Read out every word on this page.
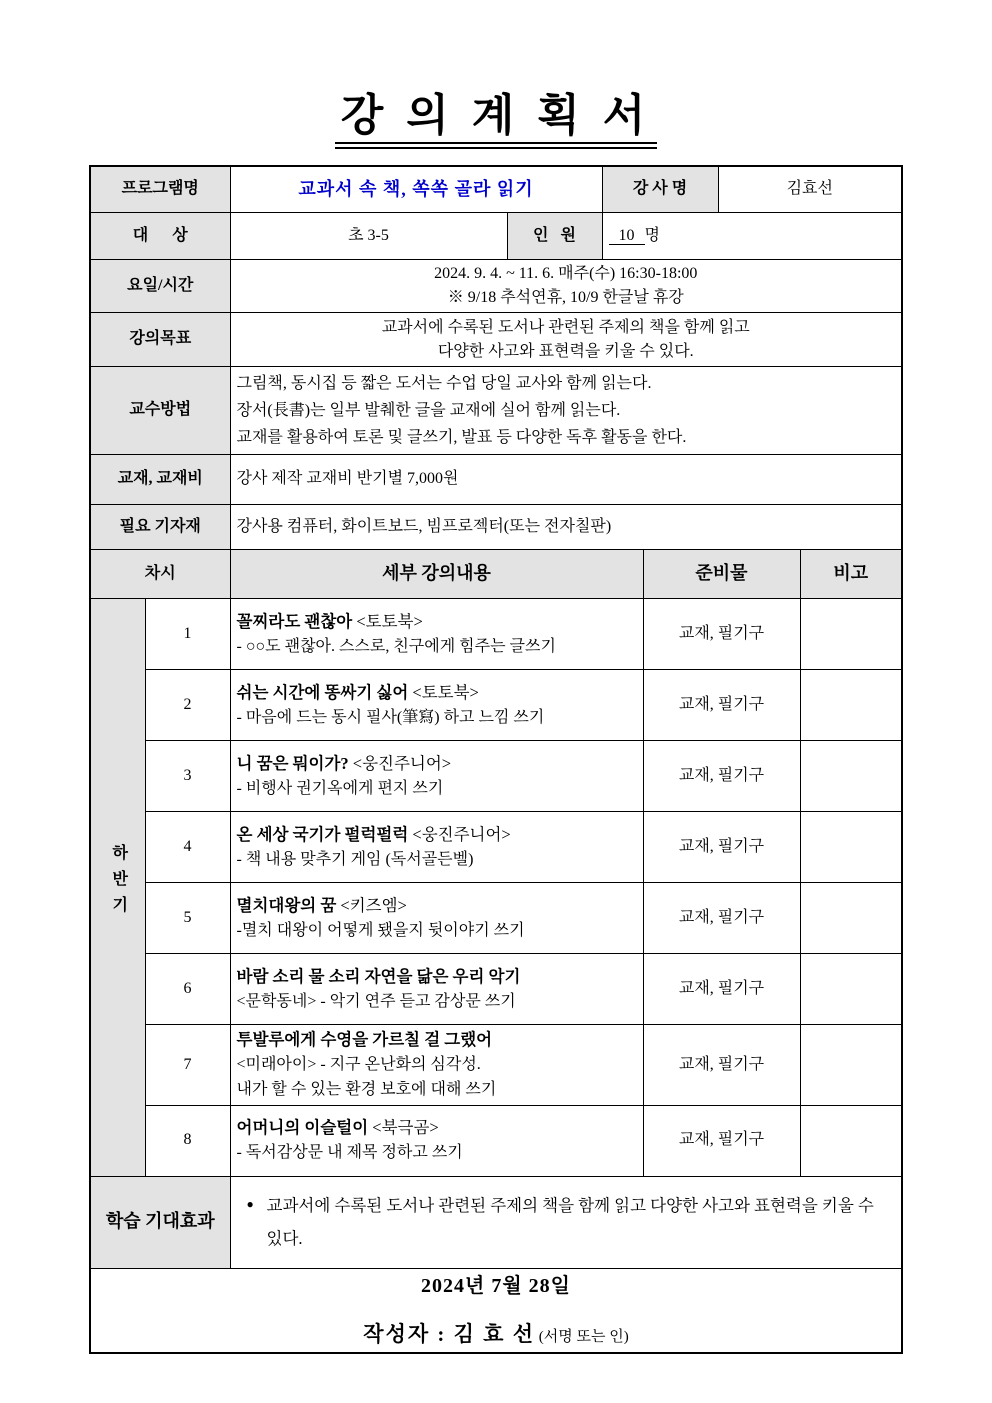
강 의 계 획 서
프로그램명		교과서 속 책, 쏙쏙 골라 읽기		강 사 명		김효선	
대      상		초 3-5	인   원	10 명			
요일/시간		2024. 9. 4. ~ 11. 6. 매주(수) 16:30-18:00
※ 9/18 추석연휴, 10/9 한글날 휴강					

강의목표		교과서에 수록된 도서나 관련된 주제의 책을 함께 읽고
다양한 사고와 표현력을 키울 수 있다.					

교수방법		그림책, 동시집 등 짧은 도서는 수업 당일 교사와 함께 읽는다.
장서(長書)는 일부 발췌한 글을 교재에 실어 함께 읽는다.
교재를 활용하여 토론 및 글쓰기, 발표 등 다양한 독후 활동을 한다.					

교재, 교재비		강사 제작 교재비 반기별 7,000원					
필요 기자재		강사용 컴퓨터, 화이트보드, 빔프로젝터(또는 전자칠판)					
차시		세부 강의내용			준비물		비고
하반기	1	꼴찌라도 괜찮아 <토토북>
- ○○도 괜찮아. 스스로, 친구에게 힘주는 글쓰기			교재, 필기구		
	2	쉬는 시간에 똥싸기 싫어 <토토북>
- 마음에 드는 동시 필사(筆寫) 하고 느낌 쓰기			교재, 필기구		
	3	니 꿈은 뭐이가? <웅진주니어>
- 비행사 권기옥에게 편지 쓰기			교재, 필기구		
	4	온 세상 국기가 펄럭펄럭 <웅진주니어>
- 책 내용 맞추기 게임 (독서골든벨)			교재, 필기구		
	5	멸치대왕의 꿈 <키즈엠>
-멸치 대왕이 어떻게 됐을지 뒷이야기 쓰기			교재, 필기구		
	6	바람 소리 물 소리 자연을 닮은 우리 악기
<문학동네> - 악기 연주 듣고 감상문 쓰기			교재, 필기구		
	7	투발루에게 수영을 가르칠 걸 그랬어
<미래아이> - 지구 온난화의 심각성.
내가 할 수 있는 환경 보호에 대해 쓰기			교재, 필기구		
	8	어머니의 이슬털이 <북극곰>
- 독서감상문 내 제목 정하고 쓰기			교재, 필기구		
학습 기대효과		● 교과서에 수록된 도서나 관련된 주제의 책을 함께 읽고 다양한 사고와 표현력을 키울 수 있다.					

2024년 7월 28일
작성자 : 김 효 선 (서명 또는 인)							
